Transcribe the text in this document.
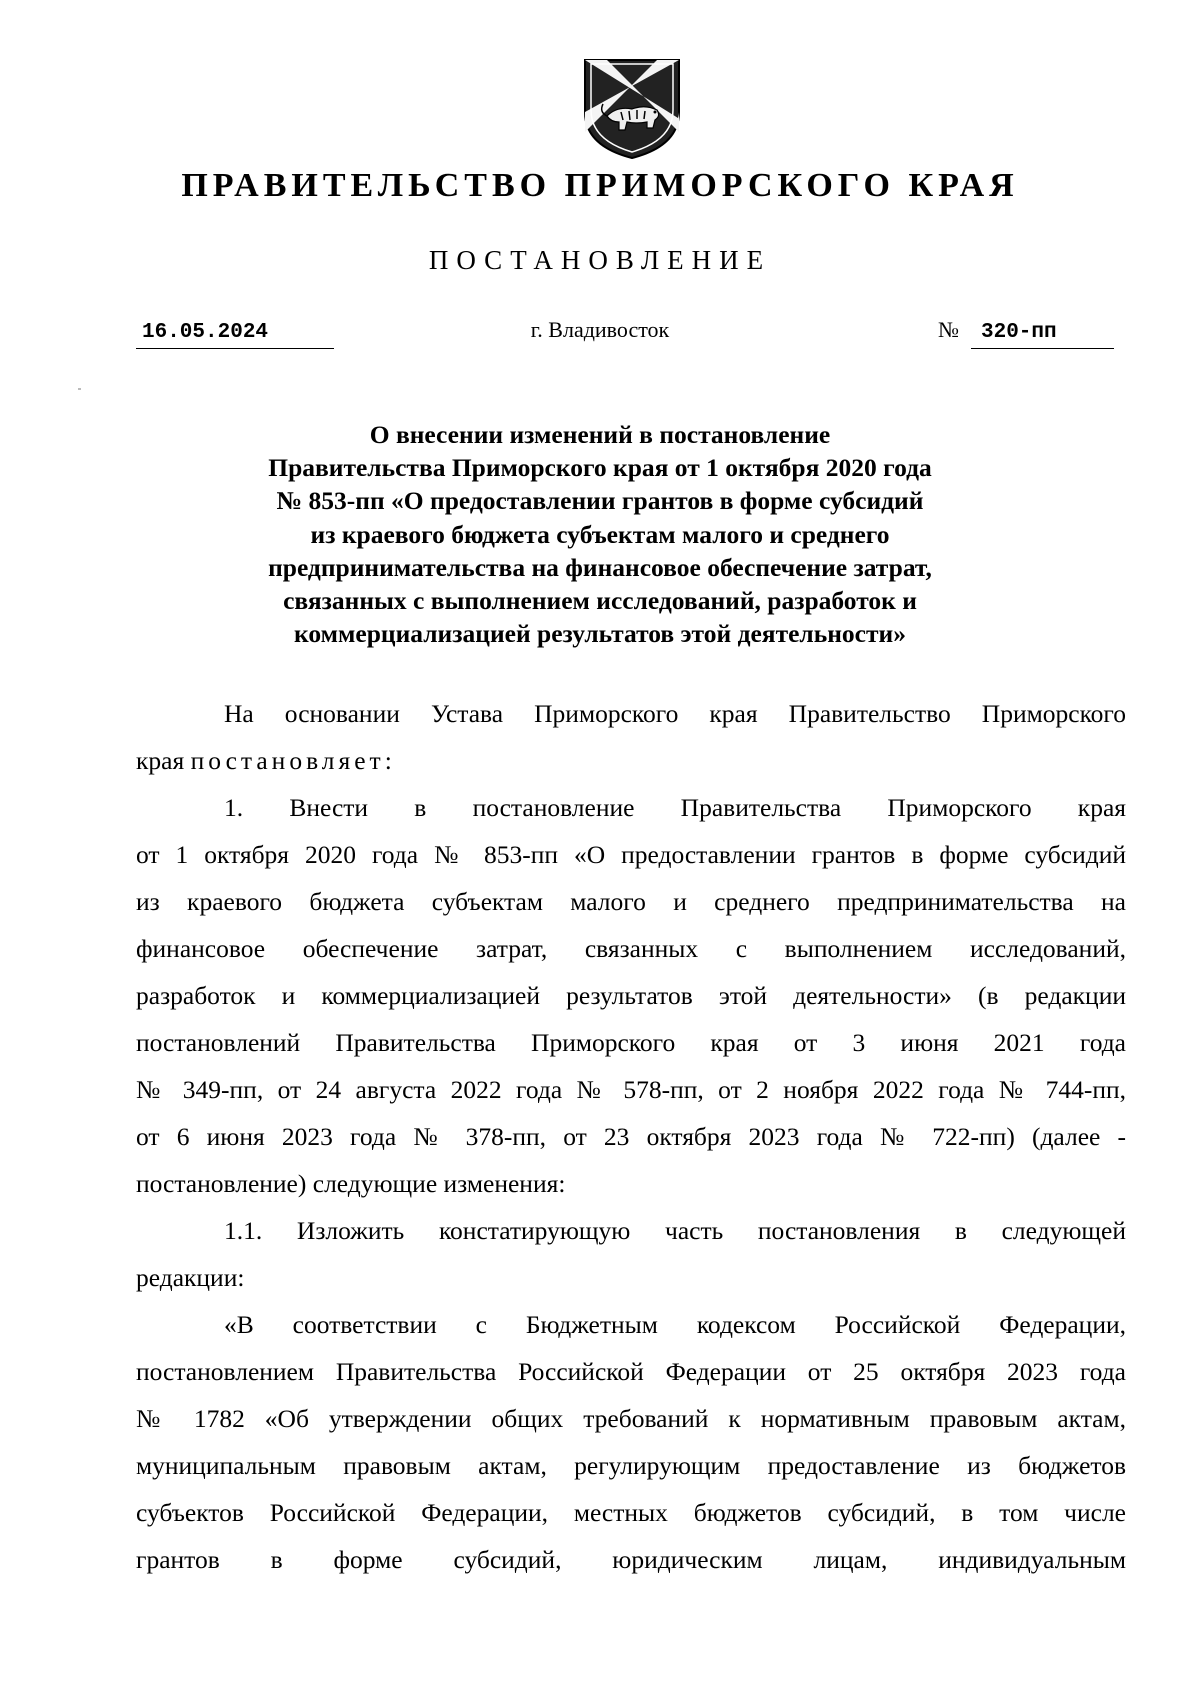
ПРАВИТЕЛЬСТВО ПРИМОРСКОГО КРАЯ
ПОСТАНОВЛЕНИЕ
16.05.2024	г. Владивосток	№	320-пп
О внесении изменений в постановление
Правительства Приморского края от 1 октября 2020 года
№ 853-пп «О предоставлении грантов в форме субсидий
из краевого бюджета субъектам малого и среднего
предпринимательства на финансовое обеспечение затрат,
связанных с выполнением исследований, разработок и
коммерциализацией результатов этой деятельности»
На основании Устава Приморского края Правительство Приморского
края постановляет:
1. Внести в постановление Правительства Приморского края
от 1 октября 2020 года № 853-пп «О предоставлении грантов в форме субсидий
из краевого бюджета субъектам малого и среднего предпринимательства на
финансовое обеспечение затрат, связанных с выполнением исследований,
разработок и коммерциализацией результатов этой деятельности» (в редакции
постановлений Правительства Приморского края от 3 июня 2021 года
№ 349-пп, от 24 августа 2022 года № 578-пп, от 2 ноября 2022 года № 744-пп,
от 6 июня 2023 года № 378-пп, от 23 октября 2023 года № 722-пп) (далее -
постановление) следующие изменения:
1.1. Изложить констатирующую часть постановления в следующей
редакции:
«В соответствии с Бюджетным кодексом Российской Федерации,
постановлением Правительства Российской Федерации от 25 октября 2023 года
№ 1782 «Об утверждении общих требований к нормативным правовым актам,
муниципальным правовым актам, регулирующим предоставление из бюджетов
субъектов Российской Федерации, местных бюджетов субсидий, в том числе
грантов в форме субсидий, юридическим лицам, индивидуальным
